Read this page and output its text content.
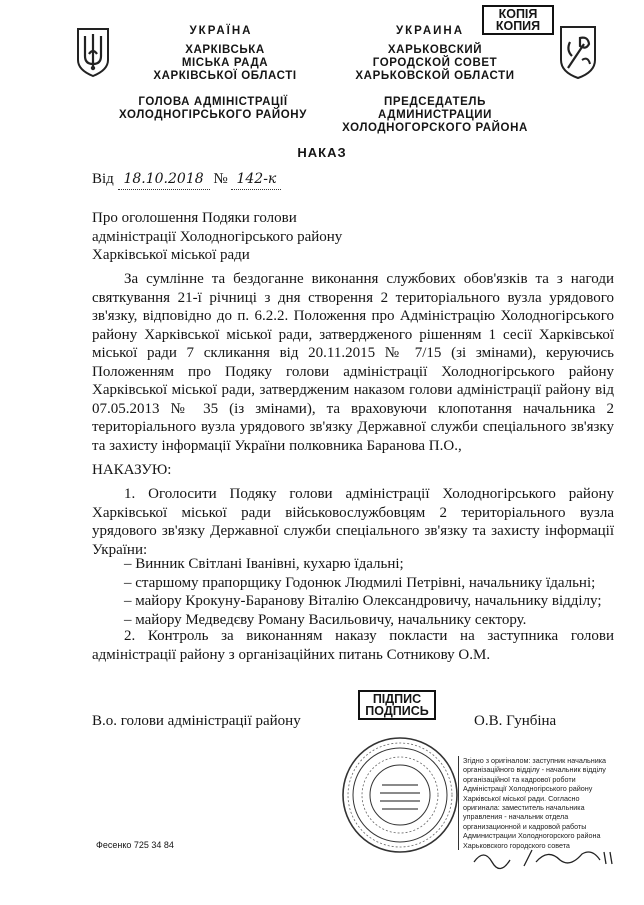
УКРАЇНА
ХАРКІВСЬКА
МІСЬКА РАДА
ХАРКІВСЬКОЇ ОБЛАСТІ
ГОЛОВА АДМІНІСТРАЦІЇ
ХОЛОДНОГІРСЬКОГО РАЙОНУ
УКРАИНА
ХАРЬКОВСКИЙ
ГОРОДСКОЙ СОВЕТ
ХАРЬКОВСКОЙ ОБЛАСТИ
ПРЕДСЕДАТЕЛЬ АДМИНИСТРАЦИИ
ХОЛОДНОГОРСКОГО РАЙОНА
КОПІЯ
КОПИЯ
НАКАЗ
Від 18.10.2018 № 142-к
Про оголошення Подяки голови
адміністрації Холодногірського району
Харківської міської ради
За сумлінне та бездоганне виконання службових обов'язків та з нагоди святкування 21-ї річниці з дня створення 2 територіального вузла урядового зв'язку, відповідно до п. 6.2.2. Положення про Адміністрацію Холодногірського району Харківської міської ради, затвердженого рішенням 1 сесії Харківської міської ради 7 скликання від 20.11.2015 № 7/15 (зі змінами), керуючись Положенням про Подяку голови адміністрації Холодногірського району Харківської міської ради, затвердженим наказом голови адміністрації району від 07.05.2013 № 35 (із змінами), та враховуючи клопотання начальника 2 територіального вузла урядового зв'язку Державної служби спеціального зв'язку та захисту інформації України полковника Баранова П.О.,
НАКАЗУЮ:
1. Оголосити Подяку голови адміністрації Холодногірського району Харківської міської ради військовослужбовцям 2 територіального вузла урядового зв'язку Державної служби спеціального зв'язку та захисту інформації України:
– Винник Світлані Іванівні, кухарю їдальні;
– старшому прапорщику Годонюк Людмилі Петрівні, начальнику їдальні;
– майору Крокуну-Баранову Віталію Олександровичу, начальнику відділу;
– майору Медведєву Роману Васильовичу, начальнику сектору.
2. Контроль за виконанням наказу покласти на заступника голови адміністрації району з організаційних питань Сотникову О.М.
ПІДПИС
ПОДПИСЬ
В.о. голови адміністрації району	О.В. Гунбіна
Згідно з оригіналом: заступник начальника організаційного відділу - начальник відділу організаційної та кадрової роботи Адміністрації Холодногірського району Харківської міської ради. Согласно оригинала: заместитель начальника управления - начальник отдела организационной и кадровой работы Администрации Холодногорского района Харьковского городского совета
Фесенко 725 34 84
